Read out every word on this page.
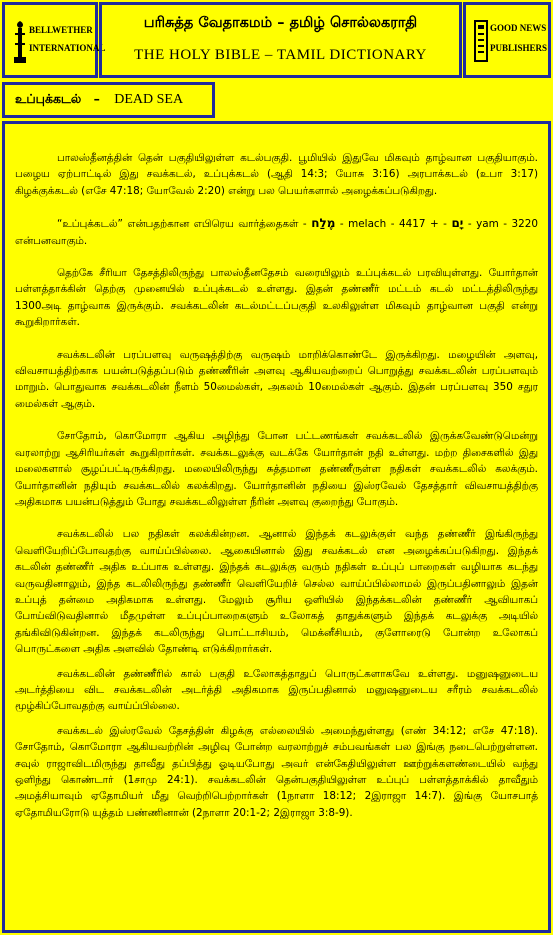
BELLWETHER
INTERNATIONAL
பரிசுத்த வேதாகமம் – தமிழ் சொல்லகராதி
THE HOLY BIBLE – TAMIL DICTIONARY
GOOD NEWS
PUBLISHERS
உப்புக்கடல் – DEAD SEA

பாலஸ்தீனத்தின் தென் பகுதியிலுள்ள கடல்பகுதி. பூமியில் இதுவே மிகவும் தாழ்வான பகுதியாகும். பழைய ஏற்பாட்டில் இது சவக்கடல், உப்புக்கடல் (ஆதி 14:3; யோசு 3:16) அரபாக்கடல் (உபா 3:17) கிழக்குக்கடல் (எசே 47:18; யோவேல் 2:20) என்று பல பெயர்களால் அழைக்கப்படுகிறது.

“உப்புக்கடல்” என்பதற்கான எபிரெய வார்த்தைகள் - מֶלַח - melach - 4417 + - יָם - yam - 3220 என்பனவாகும்.

தெற்கே சீரியா தேசத்திலிருந்து பாலஸ்தீனதேசம் வரையிலும் உப்புக்கடல் பரவியுள்ளது. யோர்தான் பள்ளத்தாக்கின் தெற்கு முனையில் உப்புக்கடல் உள்ளது. இதன் தண்ணீர் மட்டம் கடல் மட்டத்திலிருந்து 1300அடி தாழ்வாக இருக்கும். சவக்கடலின் கடல்மட்டப்பகுதி உலகிலுள்ள மிகவும் தாழ்வான பகுதி என்று கூறுகிறார்கள்.

சவக்கடலின் பரப்பளவு வருஷத்திற்கு வருஷம் மாறிக்கொண்டே இருக்கிறது. மழையின் அளவு, விவசாயத்திற்காக பயன்படுத்தப்படும் தண்ணீரின் அளவு ஆகியவற்றைப் பொறுத்து சவக்கடலின் பரப்பளவும் மாறும். பொதுவாக சவக்கடலின் நீளம் 50மைல்கள், அகலம் 10மைல்கள் ஆகும். இதன் பரப்பளவு 350 சதுர மைல்கள் ஆகும்.

சோதோம், கொமோரா ஆகிய அழிந்து போன பட்டணங்கள் சவக்கடலில் இருக்கவேண்டுமென்று வரலாற்று ஆசிரியர்கள் கூறுகிறார்கள். சவக்கடலுக்கு வடக்கே யோர்தான் நதி உள்ளது. மற்ற திசைகளில் இது மலைகளால் சூழப்பட்டிருக்கிறது. மலையிலிருந்து சுத்தமான தண்ணீருள்ள நதிகள் சவக்கடலில் கலக்கும். யோர்தானின் நதியும் சவக்கடலில் கலக்கிறது. யோர்தானின் நதியை இஸ்ரவேல் தேசத்தார் விவசாயத்திற்கு அதிகமாக பயன்படுத்தும் போது சவக்கடலிலுள்ள நீரின் அளவு குறைந்து போகும்.

சவக்கடலில் பல நதிகள் கலக்கின்றன. ஆனால் இந்தக் கடலுக்குள் வந்த தண்ணீர் இங்கிருந்து வெளியேறிப்போவதற்கு வாய்ப்பில்லை. ஆகையினால் இது சவக்கடல் என அழைக்கப்படுகிறது. இந்தக் கடலின் தண்ணீர் அதிக உப்பாக உள்ளது. இந்தக் கடலுக்கு வரும் நதிகள் உப்புப் பாறைகள் வழியாக கடந்து வருவதினாலும், இந்த கடலிலிருந்து தண்ணீர் வெளியேறிச் செல்ல வாய்ப்பில்லாமல் இருப்பதினாலும் இதன் உப்புத் தன்மை அதிகமாக உள்ளது. மேலும் சூரிய ஒளியில் இந்தக்கடலின் தண்ணீர் ஆவியாகப் போய்விடுவதினால் மீதமுள்ள உப்புப்பாறைகளும் உலோகத் தாதுக்களும் இந்தக் கடலுக்கு அடியில் தங்கிவிடுகின்றன. இந்தக் கடலிருந்து பொட்டாசியம், மெக்னீசியம், குளோரைடு போன்ற உலோகப் பொருட்களை அதிக அளவில் தோண்டி எடுக்கிறார்கள்.

சவக்கடலின் தண்ணீரில் கால் பகுதி உலோகத்தாதுப் பொருட்களாகவே உள்ளது. மனுஷனுடைய அடர்த்தியை விட சவக்கடலின் அடர்த்தி அதிகமாக இருப்பதினால் மனுஷனுடைய சரீரம் சவக்கடலில் மூழ்கிப்போவதற்கு வாய்ப்பில்லை.

சவக்கடல் இஸ்ரவேல் தேசத்தின் கிழக்கு எல்லையில் அமைந்துள்ளது (எண் 34:12; எசே 47:18). சோதோம், கொமோரா ஆகியவற்றின் அழிவு போன்ற வரலாற்றுச் சம்பவங்கள் பல இங்கு நடைபெற்றுள்ளன. சவுல் ராஜாவிடமிருந்து தாவீது தப்பித்து ஓடியபோது அவர் என்கேதியிலுள்ள ஊற்றுக்களண்டையில் வந்து ஒளிந்து கொண்டார் (1சாமு 24:1). சவக்கடலின் தென்பகுதியிலுள்ள உப்புப் பள்ளத்தாக்கில் தாவீதும் அமத்சியாவும் ஏதோமியர் மீது வெற்றிபெற்றார்கள் (1நாளா 18:12; 2இராஜா 14:7). இங்கு யோசபாத் ஏதோமியரோடு யுத்தம் பண்ணினான் (2நாளா 20:1-2; 2இராஜா 3:8-9).
